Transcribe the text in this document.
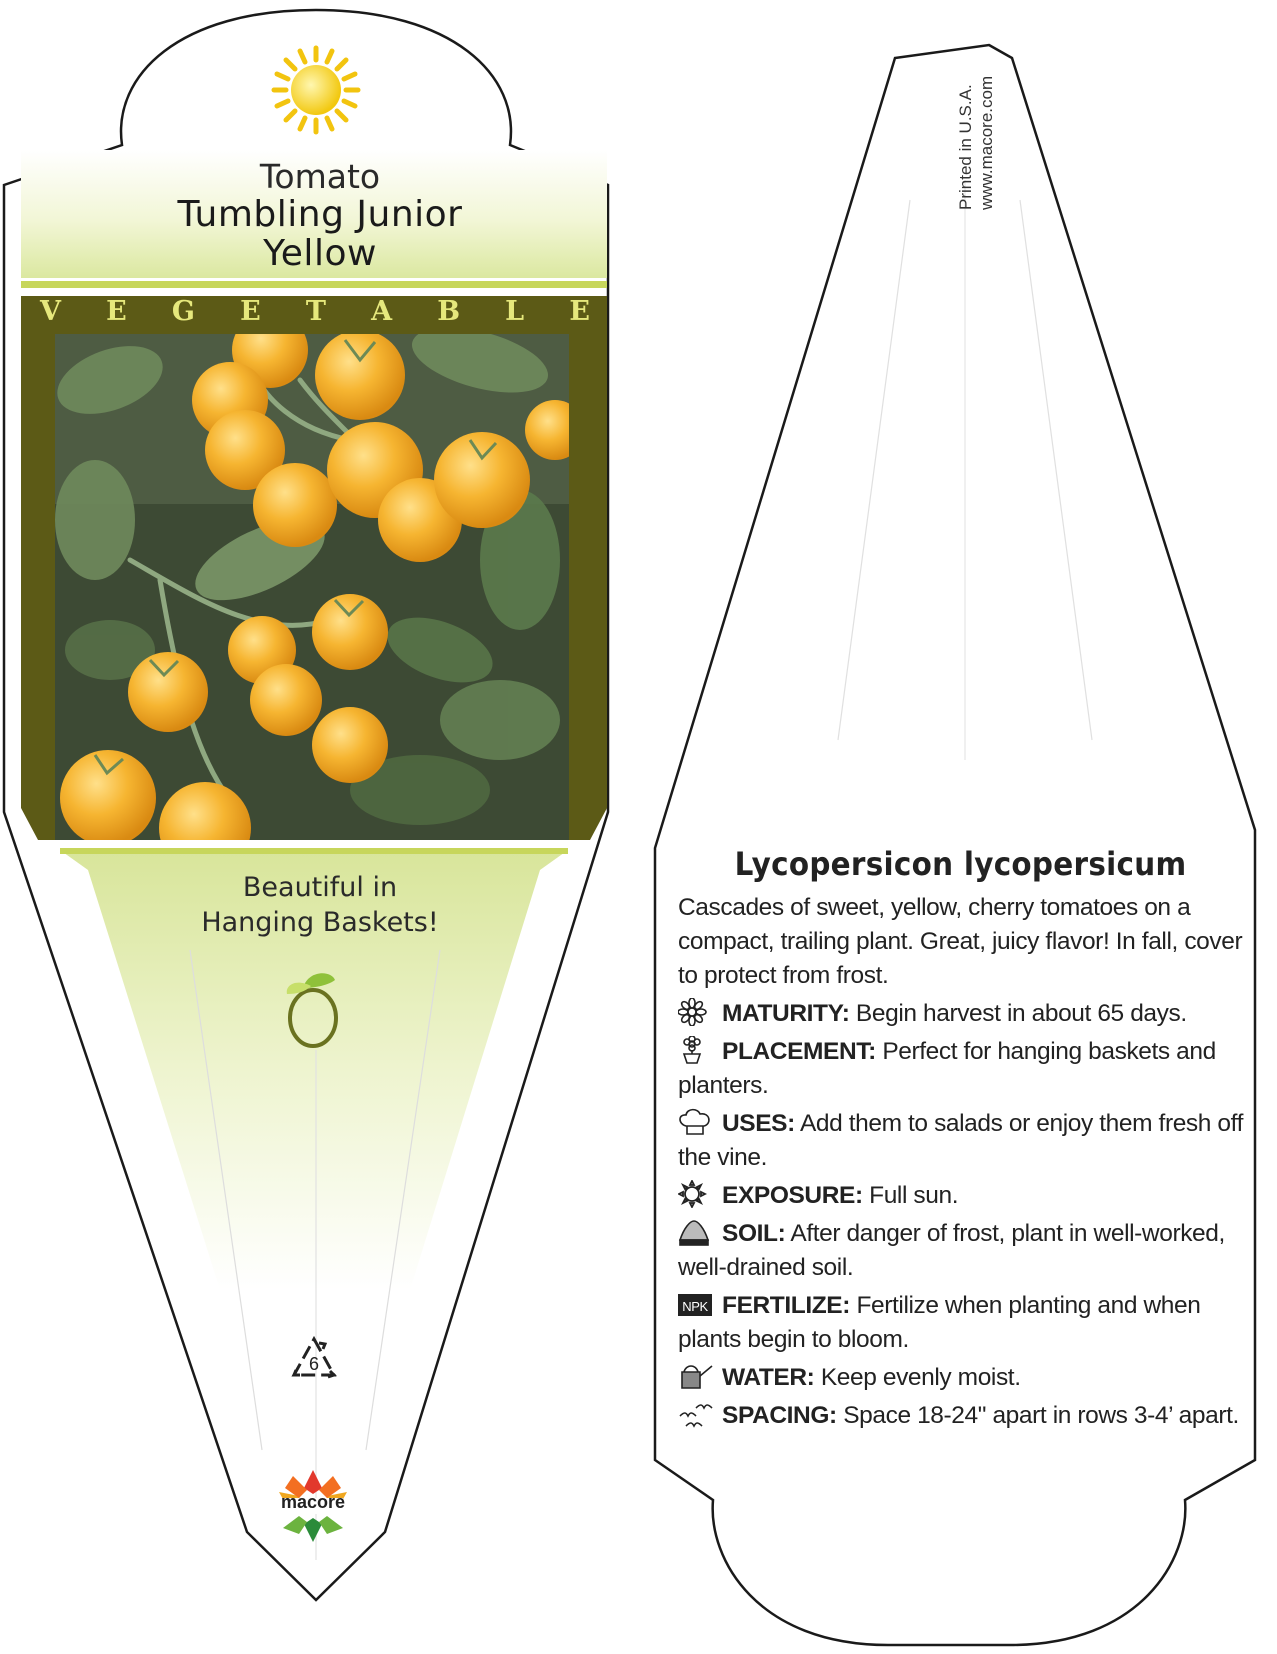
Tomato
Tumbling Junior
Yellow
V E G E T A B L E
Beautiful in
Hanging Baskets!
6
macore
Printed in U.S.A. www.macore.com
Lycopersicon lycopersicum
Cascades of sweet, yellow, cherry tomatoes on a compact, trailing plant. Great, juicy flavor! In fall, cover to protect from frost.
MATURITY: Begin harvest in about 65 days.
PLACEMENT: Perfect for hanging baskets and planters.
USES: Add them to salads or enjoy them fresh off the vine.
EXPOSURE: Full sun.
SOIL: After danger of frost, plant in well-worked, well-drained soil.
NPK FERTILIZE: Fertilize when planting and when plants begin to bloom.
WATER: Keep evenly moist.
SPACING: Space 18-24" apart in rows 3-4’ apart.
